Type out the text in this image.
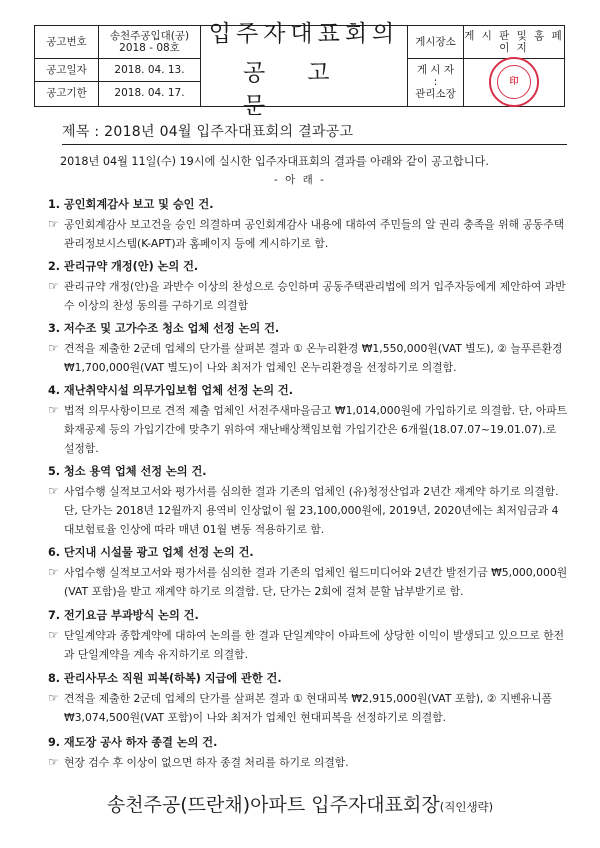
공고번호
공고일자
공고기한
송천주공입대(공)
2018 - 08호
2018. 04. 13.
2018. 04. 17.
입주자대표회의
공고문
게시장소
게 시 자
:
관리소장
게 시 판 및 홈 페 이 지
印
제목 : 2018년 04월 입주자대표회의 결과공고
2018년 04월 11일(수) 19시에 실시한 입주자대표회의 결과를 아래와 같이 공고합니다.
- 아 래 -

1. 공인회계감사 보고 및 승인 건.

☞ 공인회계감사 보고건을 승인 의결하며 공인회계감사 내용에 대하여 주민들의 알 권리 충족을 위해 공동주택관리정보시스템(K-APT)과 홈페이지 등에 게시하기로 함.

2. 관리규약 개정(안) 논의 건.

☞ 관리규약 개정(안)을 과반수 이상의 찬성으로 승인하며 공동주택관리법에 의거 입주자등에게 제안하여 과반수 이상의 찬성 동의를 구하기로 의결함

3. 저수조 및 고가수조 청소 업체 선정 논의 건.

☞ 견적을 제출한 2군데 업체의 단가를 살펴본 결과 ① 온누리환경 ₩1,550,000원(VAT 별도), ② 늘푸른환경 ₩1,700,000원(VAT 별도)이 나와 최저가 업체인 온누리환경을 선정하기로 의결함.

4. 재난취약시설 의무가입보험 업체 선정 논의 건.

☞ 법적 의무사항이므로 견적 제출 업체인 서전주새마을금고 ₩1,014,000원에 가입하기로 의결함. 단, 아파트 화재공제 등의 가입기간에 맞추기 위하여 재난배상책임보험 가입기간은 6개월(18.07.07~19.01.07).로 설정함.

5. 청소 용역 업체 선정 논의 건.

☞ 사업수행 실적보고서와 평가서를 심의한 결과 기존의 업체인 (유)청정산업과 2년간 재계약 하기로 의결함. 단, 단가는 2018년 12월까지 용역비 인상없이 월 23,100,000원에, 2019년, 2020년에는 최저임금과 4대보험료율 인상에 따라 매년 01월 변동 적용하기로 함.

6. 단지내 시설물 광고 업체 선정 논의 건.

☞ 사업수행 실적보고서와 평가서를 심의한 결과 기존의 업체인 월드미디어와 2년간 발전기금 ₩5,000,000원(VAT 포함)을 받고 재계약 하기로 의결함. 단, 단가는 2회에 걸쳐 분할 납부받기로 함.

7. 전기요금 부과방식 논의 건.

☞ 단일계약과 종합계약에 대하여 논의를 한 결과 단일계약이 아파트에 상당한 이익이 발생되고 있으므로 한전과 단일계약을 계속 유지하기로 의결함.

8. 관리사무소 직원 피복(하복) 지급에 관한 건.

☞ 견적을 제출한 2군데 업체의 단가를 살펴본 결과 ① 현대피복 ₩2,915,000원(VAT 포함), ② 지벤유니폼 ₩3,074,500원(VAT 포함)이 나와 최저가 업체인 현대피복을 선정하기로 의결함.

9. 재도장 공사 하자 종결 논의 건.

☞ 현장 검수 후 이상이 없으면 하자 종결 처리를 하기로 의결함.

송천주공(뜨란채)아파트 입주자대표회장(직인생략)
